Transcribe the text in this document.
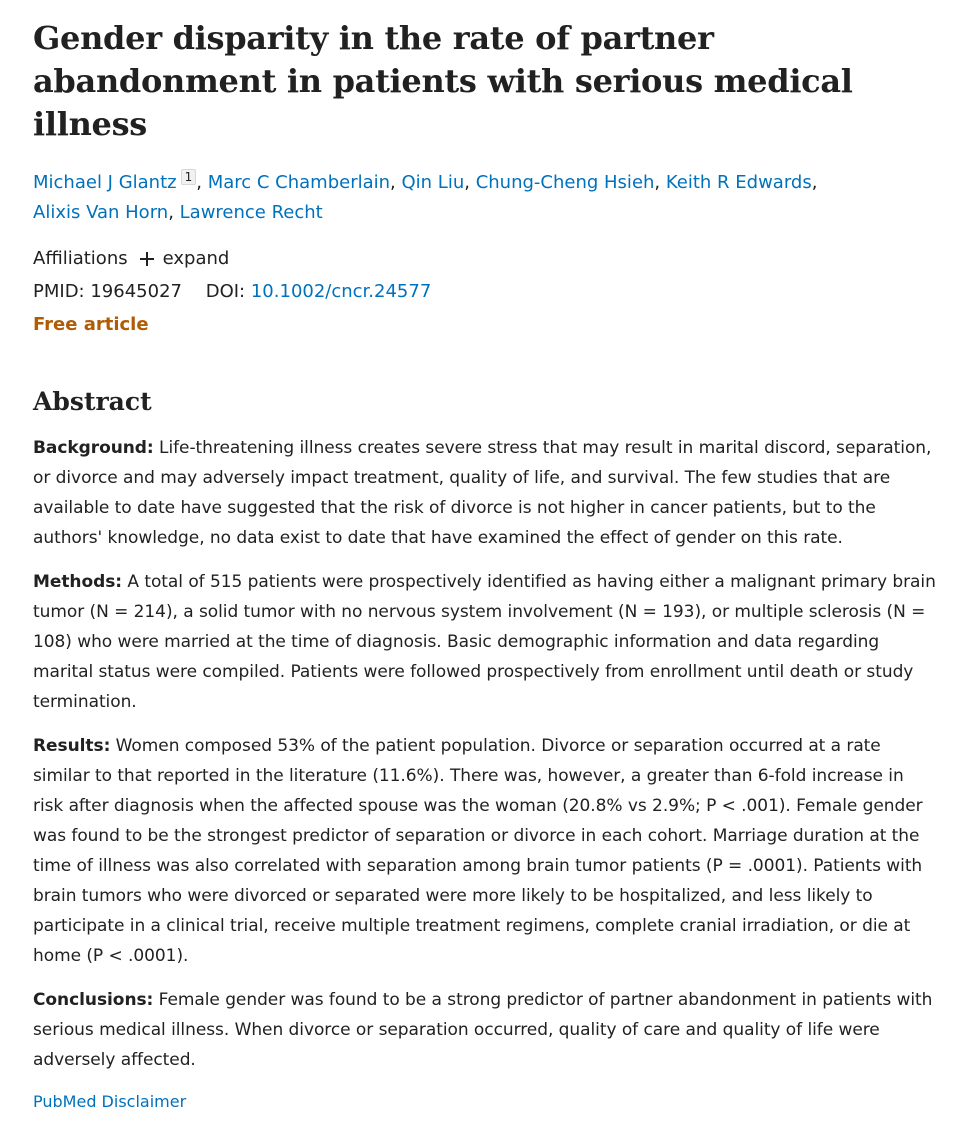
Gender disparity in the rate of partner abandonment in patients with serious medical illness
Michael J Glantz 1 , Marc C Chamberlain, Qin Liu, Chung-Cheng Hsieh, Keith R Edwards,
Alixis Van Horn, Lawrence Recht
Affiliations expand
PMID: 19645027 DOI: 10.1002/cncr.24577
Free article
Abstract

Background: Life-threatening illness creates severe stress that may result in marital discord, separation, or divorce and may adversely impact treatment, quality of life, and survival. The few studies that are available to date have suggested that the risk of divorce is not higher in cancer patients, but to the authors' knowledge, no data exist to date that have examined the effect of gender on this rate.

Methods: A total of 515 patients were prospectively identified as having either a malignant primary brain tumor (N = 214), a solid tumor with no nervous system involvement (N = 193), or multiple sclerosis (N = 108) who were married at the time of diagnosis. Basic demographic information and data regarding marital status were compiled. Patients were followed prospectively from enrollment until death or study termination.

Results: Women composed 53% of the patient population. Divorce or separation occurred at a rate similar to that reported in the literature (11.6%). There was, however, a greater than 6-fold increase in risk after diagnosis when the affected spouse was the woman (20.8% vs 2.9%; P < .001). Female gender was found to be the strongest predictor of separation or divorce in each cohort. Marriage duration at the time of illness was also correlated with separation among brain tumor patients (P = .0001). Patients with brain tumors who were divorced or separated were more likely to be hospitalized, and less likely to participate in a clinical trial, receive multiple treatment regimens, complete cranial irradiation, or die at home (P < .0001).

Conclusions: Female gender was found to be a strong predictor of partner abandonment in patients with serious medical illness. When divorce or separation occurred, quality of care and quality of life were adversely affected.

PubMed Disclaimer
